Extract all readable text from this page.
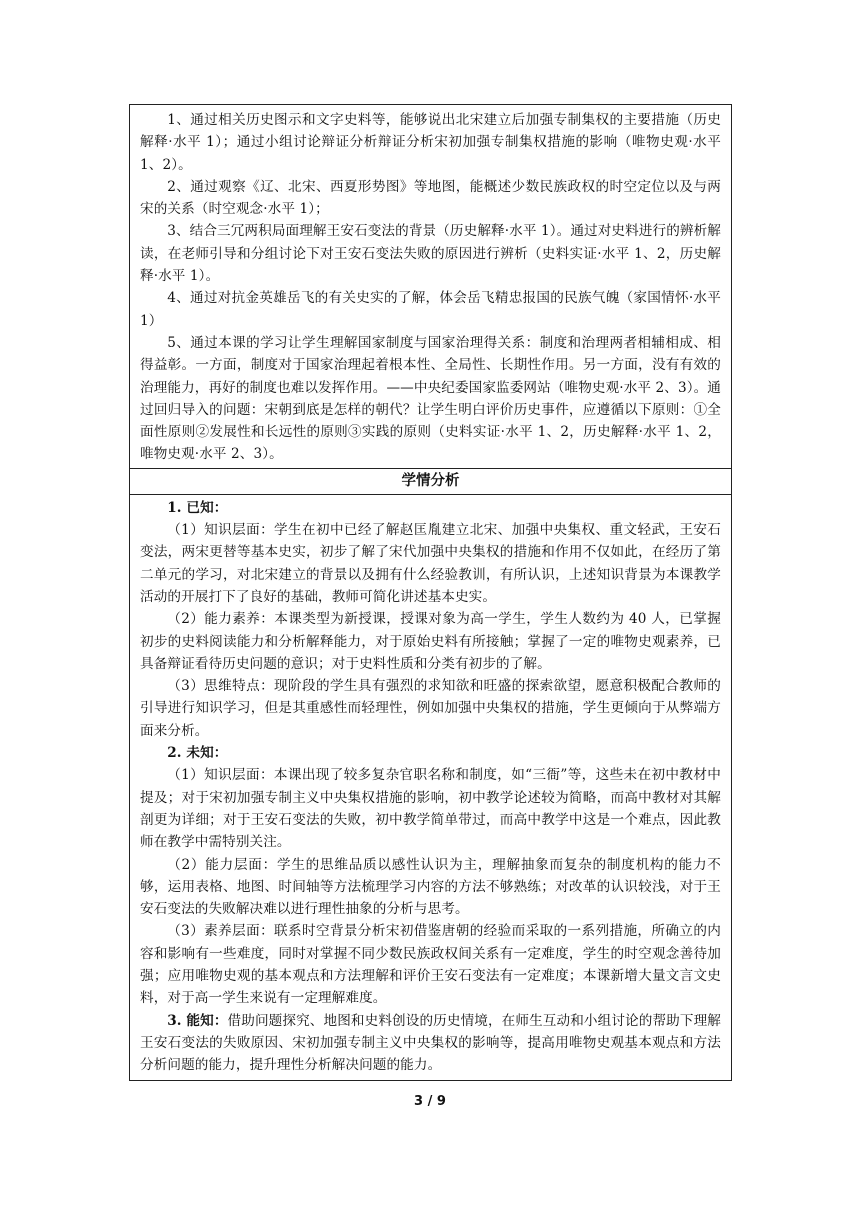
1、通过相关历史图示和文字史料等，能够说出北宋建立后加强专制集权的主要措施（历史解释·水平 1）；通过小组讨论辩证分析辩证分析宋初加强专制集权措施的影响（唯物史观·水平 1、2）。

2、通过观察《辽、北宋、西夏形势图》等地图，能概述少数民族政权的时空定位以及与两宋的关系（时空观念·水平 1）；

3、结合三冗两积局面理解王安石变法的背景（历史解释·水平 1）。通过对史料进行的辨析解读，在老师引导和分组讨论下对王安石变法失败的原因进行辨析（史料实证·水平 1、2，历史解释·水平 1）。

4、通过对抗金英雄岳飞的有关史实的了解，体会岳飞精忠报国的民族气魄（家国情怀·水平 1）

5、通过本课的学习让学生理解国家制度与国家治理得关系：制度和治理两者相辅相成、相得益彰。一方面，制度对于国家治理起着根本性、全局性、长期性作用。另一方面，没有有效的治理能力，再好的制度也难以发挥作用。——中央纪委国家监委网站（唯物史观·水平 2、3）。通过回归导入的问题：宋朝到底是怎样的朝代？让学生明白评价历史事件，应遵循以下原则：①全面性原则②发展性和长远性的原则③实践的原则（史料实证·水平 1、2，历史解释·水平 1、2，唯物史观·水平 2、3）。

学情分析

1. 已知：

（1）知识层面：学生在初中已经了解赵匡胤建立北宋、加强中央集权、重文轻武，王安石变法，两宋更替等基本史实，初步了解了宋代加强中央集权的措施和作用不仅如此，在经历了第二单元的学习，对北宋建立的背景以及拥有什么经验教训，有所认识，上述知识背景为本课教学活动的开展打下了良好的基础，教师可简化讲述基本史实。

（2）能力素养：本课类型为新授课，授课对象为高一学生，学生人数约为 40 人，已掌握初步的史料阅读能力和分析解释能力，对于原始史料有所接触；掌握了一定的唯物史观素养，已具备辩证看待历史问题的意识；对于史料性质和分类有初步的了解。

（3）思维特点：现阶段的学生具有强烈的求知欲和旺盛的探索欲望，愿意积极配合教师的引导进行知识学习，但是其重感性而轻理性，例如加强中央集权的措施，学生更倾向于从弊端方面来分析。

2. 未知：

（1）知识层面：本课出现了较多复杂官职名称和制度，如“三衙”等，这些未在初中教材中提及；对于宋初加强专制主义中央集权措施的影响，初中教学论述较为简略，而高中教材对其解剖更为详细；对于王安石变法的失败，初中教学简单带过，而高中教学中这是一个难点，因此教师在教学中需特别关注。

（2）能力层面：学生的思维品质以感性认识为主，理解抽象而复杂的制度机构的能力不够，运用表格、地图、时间轴等方法梳理学习内容的方法不够熟练；对改革的认识较浅，对于王安石变法的失败解决难以进行理性抽象的分析与思考。

（3）素养层面：联系时空背景分析宋初借鉴唐朝的经验而采取的一系列措施，所确立的内容和影响有一些难度，同时对掌握不同少数民族政权间关系有一定难度，学生的时空观念善待加强；应用唯物史观的基本观点和方法理解和评价王安石变法有一定难度；本课新增大量文言文史料，对于高一学生来说有一定理解难度。

3. 能知：借助问题探究、地图和史料创设的历史情境，在师生互动和小组讨论的帮助下理解王安石变法的失败原因、宋初加强专制主义中央集权的影响等，提高用唯物史观基本观点和方法分析问题的能力，提升理性分析解决问题的能力。

3 / 9
